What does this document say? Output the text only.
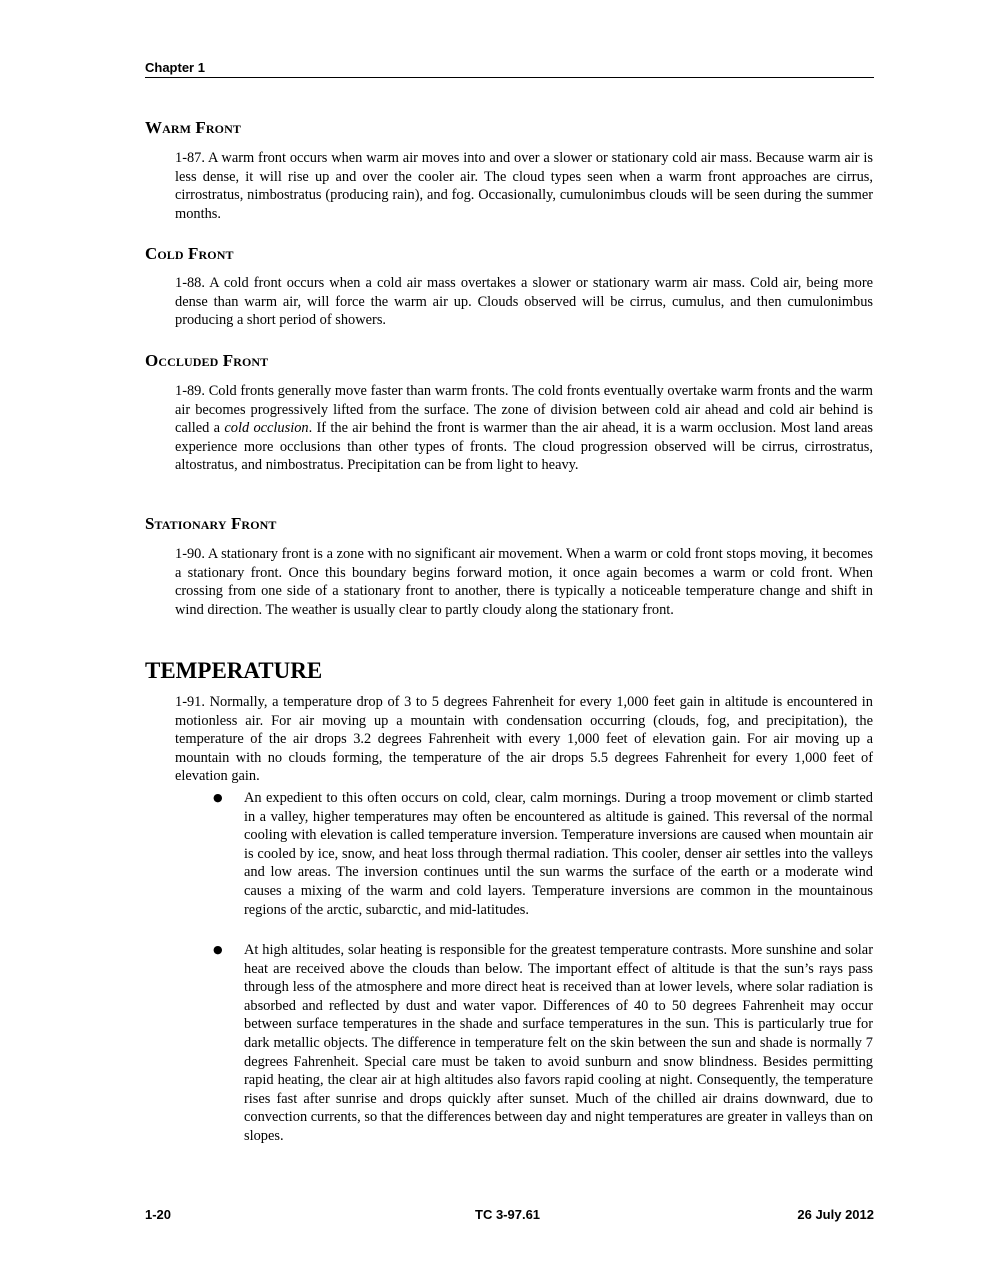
Chapter 1
Warm Front

1-87. A warm front occurs when warm air moves into and over a slower or stationary cold air mass. Because warm air is less dense, it will rise up and over the cooler air. The cloud types seen when a warm front approaches are cirrus, cirrostratus, nimbostratus (producing rain), and fog. Occasionally, cumulonimbus clouds will be seen during the summer months.

Cold Front

1-88. A cold front occurs when a cold air mass overtakes a slower or stationary warm air mass. Cold air, being more dense than warm air, will force the warm air up. Clouds observed will be cirrus, cumulus, and then cumulonimbus producing a short period of showers.

Occluded Front

1-89. Cold fronts generally move faster than warm fronts. The cold fronts eventually overtake warm fronts and the warm air becomes progressively lifted from the surface. The zone of division between cold air ahead and cold air behind is called a cold occlusion. If the air behind the front is warmer than the air ahead, it is a warm occlusion. Most land areas experience more occlusions than other types of fronts. The cloud progression observed will be cirrus, cirrostratus, altostratus, and nimbostratus. Precipitation can be from light to heavy.

Stationary Front

1-90. A stationary front is a zone with no significant air movement. When a warm or cold front stops moving, it becomes a stationary front. Once this boundary begins forward motion, it once again becomes a warm or cold front. When crossing from one side of a stationary front to another, there is typically a noticeable temperature change and shift in wind direction. The weather is usually clear to partly cloudy along the stationary front.

TEMPERATURE

1-91. Normally, a temperature drop of 3 to 5 degrees Fahrenheit for every 1,000 feet gain in altitude is encountered in motionless air. For air moving up a mountain with condensation occurring (clouds, fog, and precipitation), the temperature of the air drops 3.2 degrees Fahrenheit with every 1,000 feet of elevation gain. For air moving up a mountain with no clouds forming, the temperature of the air drops 5.5 degrees Fahrenheit for every 1,000 feet of elevation gain.

● An expedient to this often occurs on cold, clear, calm mornings. During a troop movement or climb started in a valley, higher temperatures may often be encountered as altitude is gained. This reversal of the normal cooling with elevation is called temperature inversion. Temperature inversions are caused when mountain air is cooled by ice, snow, and heat loss through thermal radiation. This cooler, denser air settles into the valleys and low areas. The inversion continues until the sun warms the surface of the earth or a moderate wind causes a mixing of the warm and cold layers. Temperature inversions are common in the mountainous regions of the arctic, subarctic, and mid-latitudes.

● At high altitudes, solar heating is responsible for the greatest temperature contrasts. More sunshine and solar heat are received above the clouds than below. The important effect of altitude is that the sun’s rays pass through less of the atmosphere and more direct heat is received than at lower levels, where solar radiation is absorbed and reflected by dust and water vapor. Differences of 40 to 50 degrees Fahrenheit may occur between surface temperatures in the shade and surface temperatures in the sun. This is particularly true for dark metallic objects. The difference in temperature felt on the skin between the sun and shade is normally 7 degrees Fahrenheit. Special care must be taken to avoid sunburn and snow blindness. Besides permitting rapid heating, the clear air at high altitudes also favors rapid cooling at night. Consequently, the temperature rises fast after sunrise and drops quickly after sunset. Much of the chilled air drains downward, due to convection currents, so that the differences between day and night temperatures are greater in valleys than on slopes.

1-20	TC 3-97.61	26 July 2012
